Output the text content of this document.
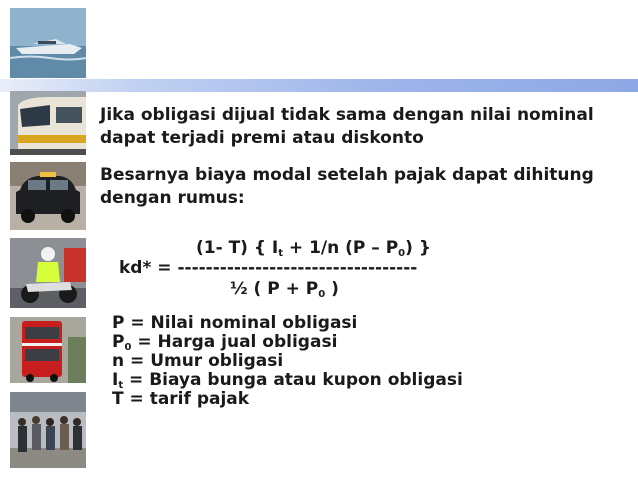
Jika obligasi dijual tidak sama dengan nilai nominal dapat terjadi premi atau diskonto
Besarnya biaya modal setelah pajak dapat dihitung dengan rumus:
(1- T) { $I_t + 1/n$ $(P - P_0)$ }
kd* = ----------------------------------
½ ( $P + P_0$ )
P = Nilai nominal obligasi
$P_0$ = Harga jual obligasi
n = Umur obligasi
$I_t$ = Biaya bunga atau kupon obligasi
T = tarif pajak
